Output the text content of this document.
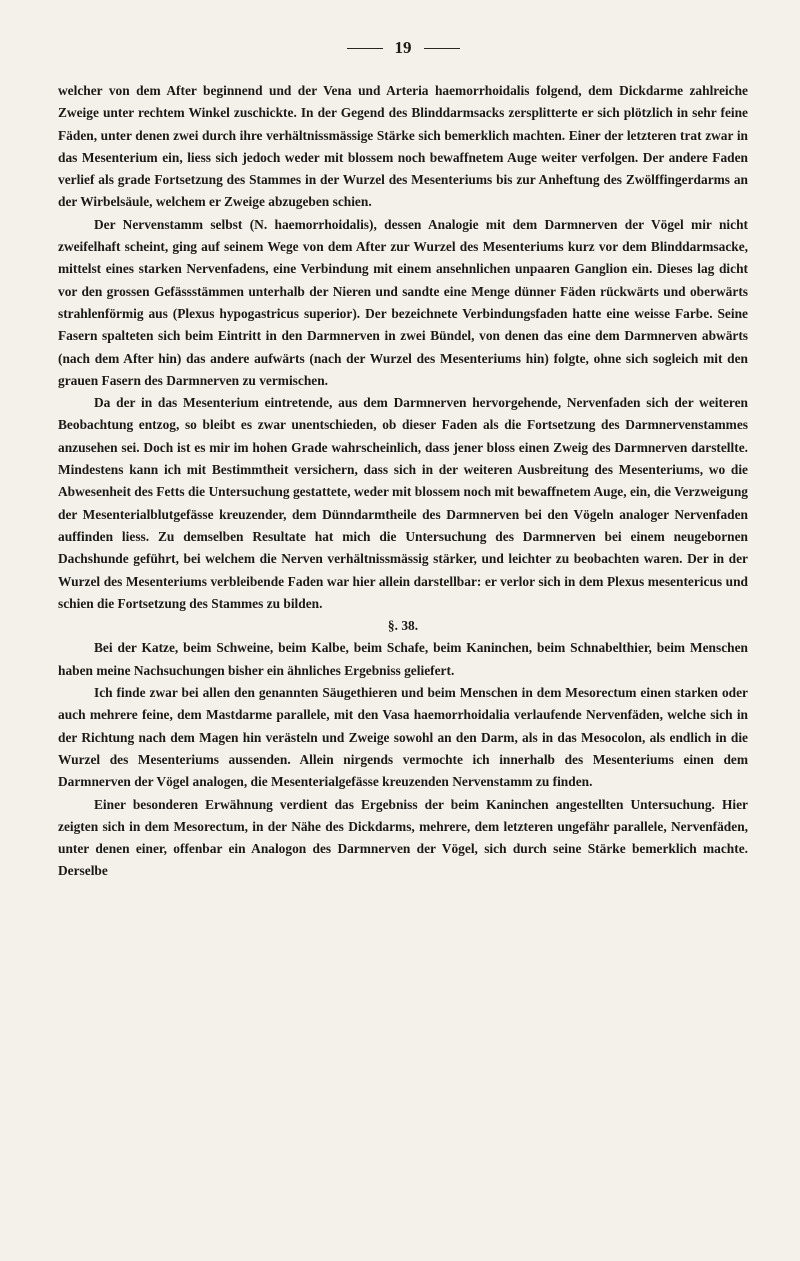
19

welcher von dem After beginnend und der Vena und Arteria haemorrhoidalis folgend, dem Dickdarme zahlreiche Zweige unter rechtem Winkel zuschickte. In der Gegend des Blinddarmsacks zersplitterte er sich plötzlich in sehr feine Fäden, unter denen zwei durch ihre verhältnissmässige Stärke sich bemerklich machten. Einer der letzteren trat zwar in das Mesenterium ein, liess sich jedoch weder mit blossem noch bewaffnetem Auge weiter verfolgen. Der andere Faden verlief als grade Fortsetzung des Stammes in der Wurzel des Mesenteriums bis zur Anheftung des Zwölffingerdarms an der Wirbelsäule, welchem er Zweige abzugeben schien.

Der Nervenstamm selbst (N. haemorrhoidalis), dessen Analogie mit dem Darmnerven der Vögel mir nicht zweifelhaft scheint, ging auf seinem Wege von dem After zur Wurzel des Mesenteriums kurz vor dem Blinddarmsacke, mittelst eines starken Nervenfadens, eine Verbindung mit einem ansehnlichen unpaaren Ganglion ein. Dieses lag dicht vor den grossen Gefässstämmen unterhalb der Nieren und sandte eine Menge dünner Fäden rückwärts und oberwärts strahlenförmig aus (Plexus hypogastricus superior). Der bezeichnete Verbindungsfaden hatte eine weisse Farbe. Seine Fasern spalteten sich beim Eintritt in den Darmnerven in zwei Bündel, von denen das eine dem Darmnerven abwärts (nach dem After hin) das andere aufwärts (nach der Wurzel des Mesenteriums hin) folgte, ohne sich sogleich mit den grauen Fasern des Darmnerven zu vermischen.

Da der in das Mesenterium eintretende, aus dem Darmnerven hervorgehende, Nervenfaden sich der weiteren Beobachtung entzog, so bleibt es zwar unentschieden, ob dieser Faden als die Fortsetzung des Darmnervenstammes anzusehen sei. Doch ist es mir im hohen Grade wahrscheinlich, dass jener bloss einen Zweig des Darmnerven darstellte. Mindestens kann ich mit Bestimmtheit versichern, dass sich in der weiteren Ausbreitung des Mesenteriums, wo die Abwesenheit des Fetts die Untersuchung gestattete, weder mit blossem noch mit bewaffnetem Auge, ein, die Verzweigung der Mesenterialblutgefässe kreuzender, dem Dünndarmtheile des Darmnerven bei den Vögeln analoger Nervenfaden auffinden liess. Zu demselben Resultate hat mich die Untersuchung des Darmnerven bei einem neugebornen Dachshunde geführt, bei welchem die Nerven verhältnissmässig stärker, und leichter zu beobachten waren. Der in der Wurzel des Mesenteriums verbleibende Faden war hier allein darstellbar: er verlor sich in dem Plexus mesentericus und schien die Fortsetzung des Stammes zu bilden.

§. 38.

Bei der Katze, beim Schweine, beim Kalbe, beim Schafe, beim Kaninchen, beim Schnabelthier, beim Menschen haben meine Nachsuchungen bisher ein ähnliches Ergebniss geliefert.

Ich finde zwar bei allen den genannten Säugethieren und beim Menschen in dem Mesorectum einen starken oder auch mehrere feine, dem Mastdarme parallele, mit den Vasa haemorrhoidalia verlaufende Nervenfäden, welche sich in der Richtung nach dem Magen hin verästeln und Zweige sowohl an den Darm, als in das Mesocolon, als endlich in die Wurzel des Mesenteriums aussenden. Allein nirgends vermochte ich innerhalb des Mesenteriums einen dem Darmnerven der Vögel analogen, die Mesenterialgefässe kreuzenden Nervenstamm zu finden.

Einer besonderen Erwähnung verdient das Ergebniss der beim Kaninchen angestellten Untersuchung. Hier zeigten sich in dem Mesorectum, in der Nähe des Dickdarms, mehrere, dem letzteren ungefähr parallele, Nervenfäden, unter denen einer, offenbar ein Analogon des Darmnerven der Vögel, sich durch seine Stärke bemerklich machte. Derselbe
